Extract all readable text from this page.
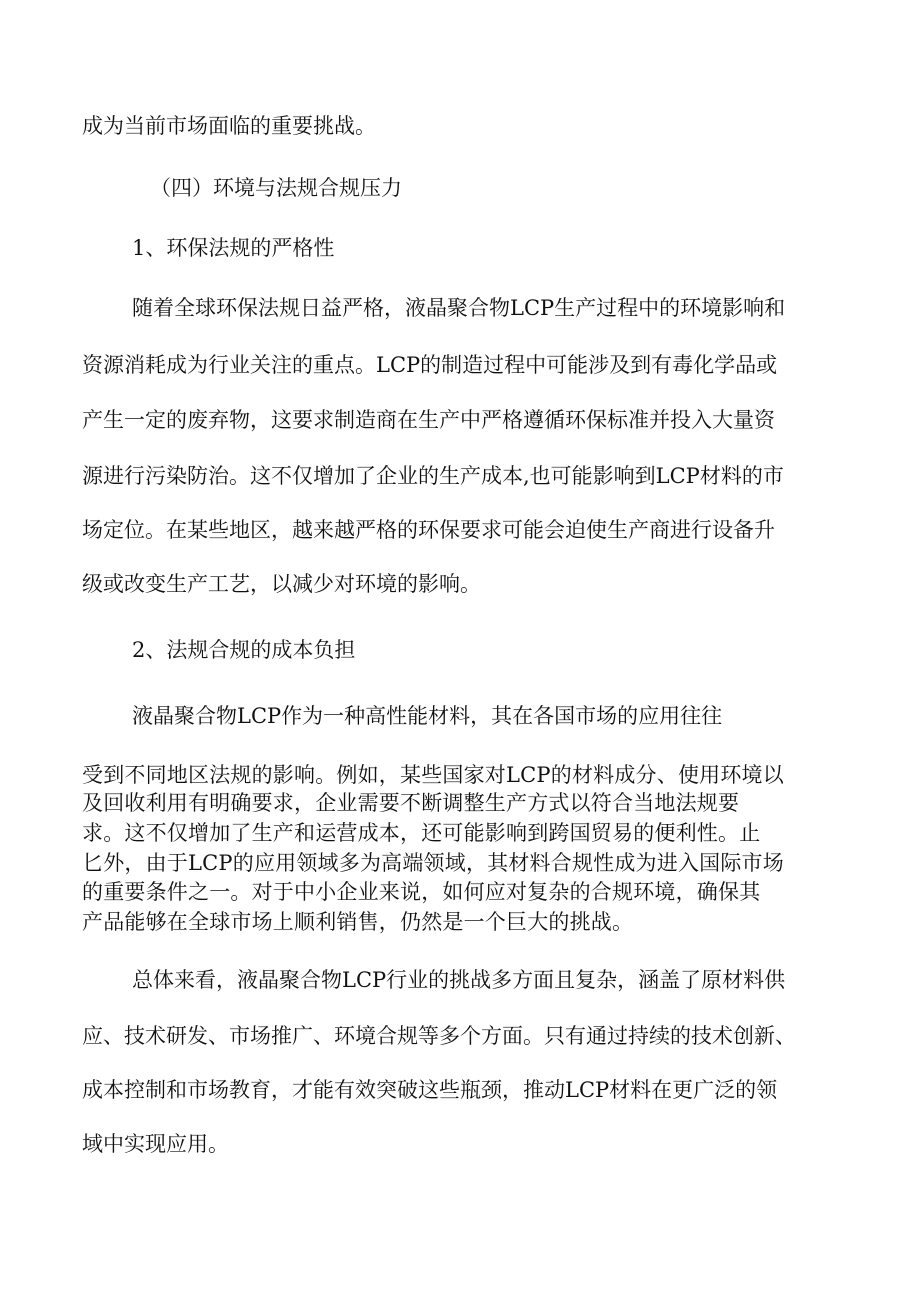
成为当前市场面临的重要挑战。

（四）环境与法规合规压力

1、环保法规的严格性

随着全球环保法规日益严格，液晶聚合物LCP生产过程中的环境影响和

资源消耗成为行业关注的重点。LCP的制造过程中可能涉及到有毒化学品或

产生一定的废弃物，这要求制造商在生产中严格遵循环保标准并投入大量资

源进行污染防治。这不仅增加了企业的生产成本,也可能影响到LCP材料的市

场定位。在某些地区，越来越严格的环保要求可能会迫使生产商进行设备升

级或改变生产工艺，以减少对环境的影响。

2、法规合规的成本负担

液晶聚合物LCP作为一种高性能材料，其在各国市场的应用往往

受到不同地区法规的影响。例如，某些国家对LCP的材料成分、使用环境以

及回收利用有明确要求，企业需要不断调整生产方式以符合当地法规要

求。这不仅增加了生产和运营成本，还可能影响到跨国贸易的便利性。止

匕外，由于LCP的应用领域多为高端领域，其材料合规性成为进入国际市场

的重要条件之一。对于中小企业来说，如何应对复杂的合规环境，确保其

产品能够在全球市场上顺利销售，仍然是一个巨大的挑战。

总体来看，液晶聚合物LCP行业的挑战多方面且复杂，涵盖了原材料供

应、技术研发、市场推广、环境合规等多个方面。只有通过持续的技术创新、

成本控制和市场教育，才能有效突破这些瓶颈，推动LCP材料在更广泛的领

域中实现应用。
